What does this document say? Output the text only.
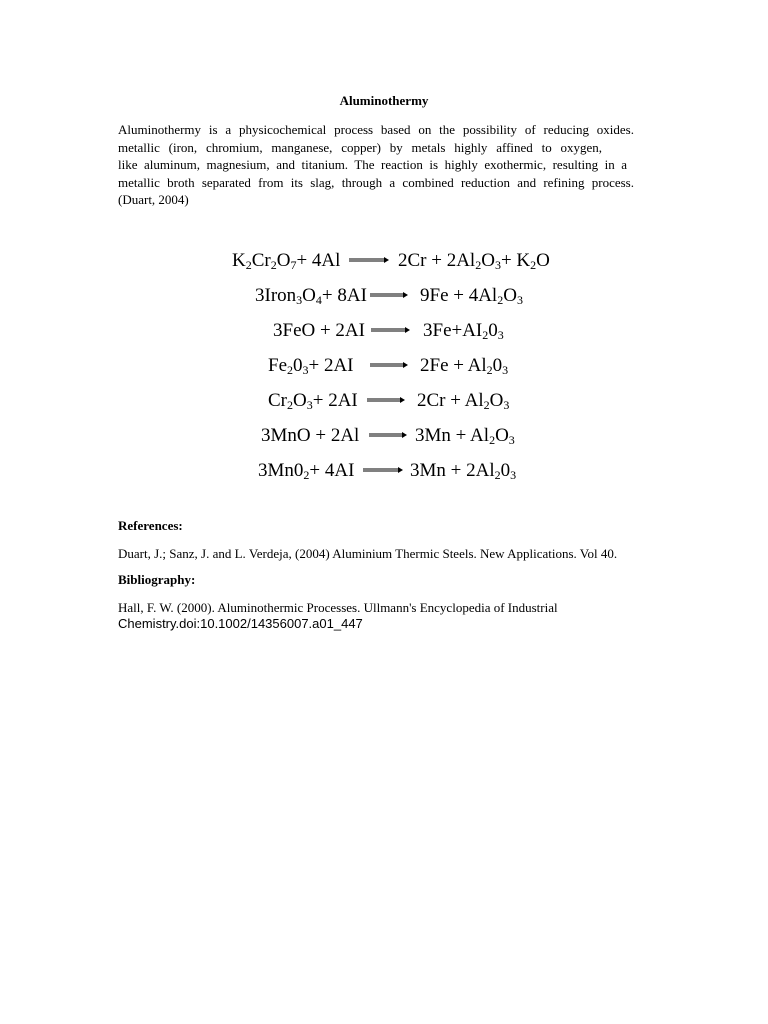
Aluminothermy
Aluminothermy is a physicochemical process based on the possibility of reducing oxides.
metallic (iron, chromium, manganese, copper) by metals highly affined to oxygen,
like aluminum, magnesium, and titanium. The reaction is highly exothermic, resulting in a
metallic broth separated from its slag, through a combined reduction and refining process.
(Duart, 2004)
$K_2Cr_2O_7+ 4Al$	$2Cr + 2Al_2O_3+ K_2O$
$3Iron_3O_4+ 8AI$	$9Fe + 4Al_2O_3$
3FeO + 2AI	$3Fe+AI_20_3$
$Fe_20_3+ 2AI$	$2Fe + Al_20_3$
$Cr_2O_3+ 2AI$	$2Cr + Al_2O_3$
3MnO + 2Al	$3Mn + Al_2O_3$
$3Mn0_2+ 4AI$	$3Mn + 2Al_20_3$
References:
Duart, J.; Sanz, J. and L. Verdeja, (2004) Aluminium Thermic Steels. New Applications. Vol 40.
Bibliography:
Hall, F. W. (2000). Aluminothermic Processes. Ullmann's Encyclopedia of Industrial
Chemistry.doi:10.1002/14356007.a01_447
